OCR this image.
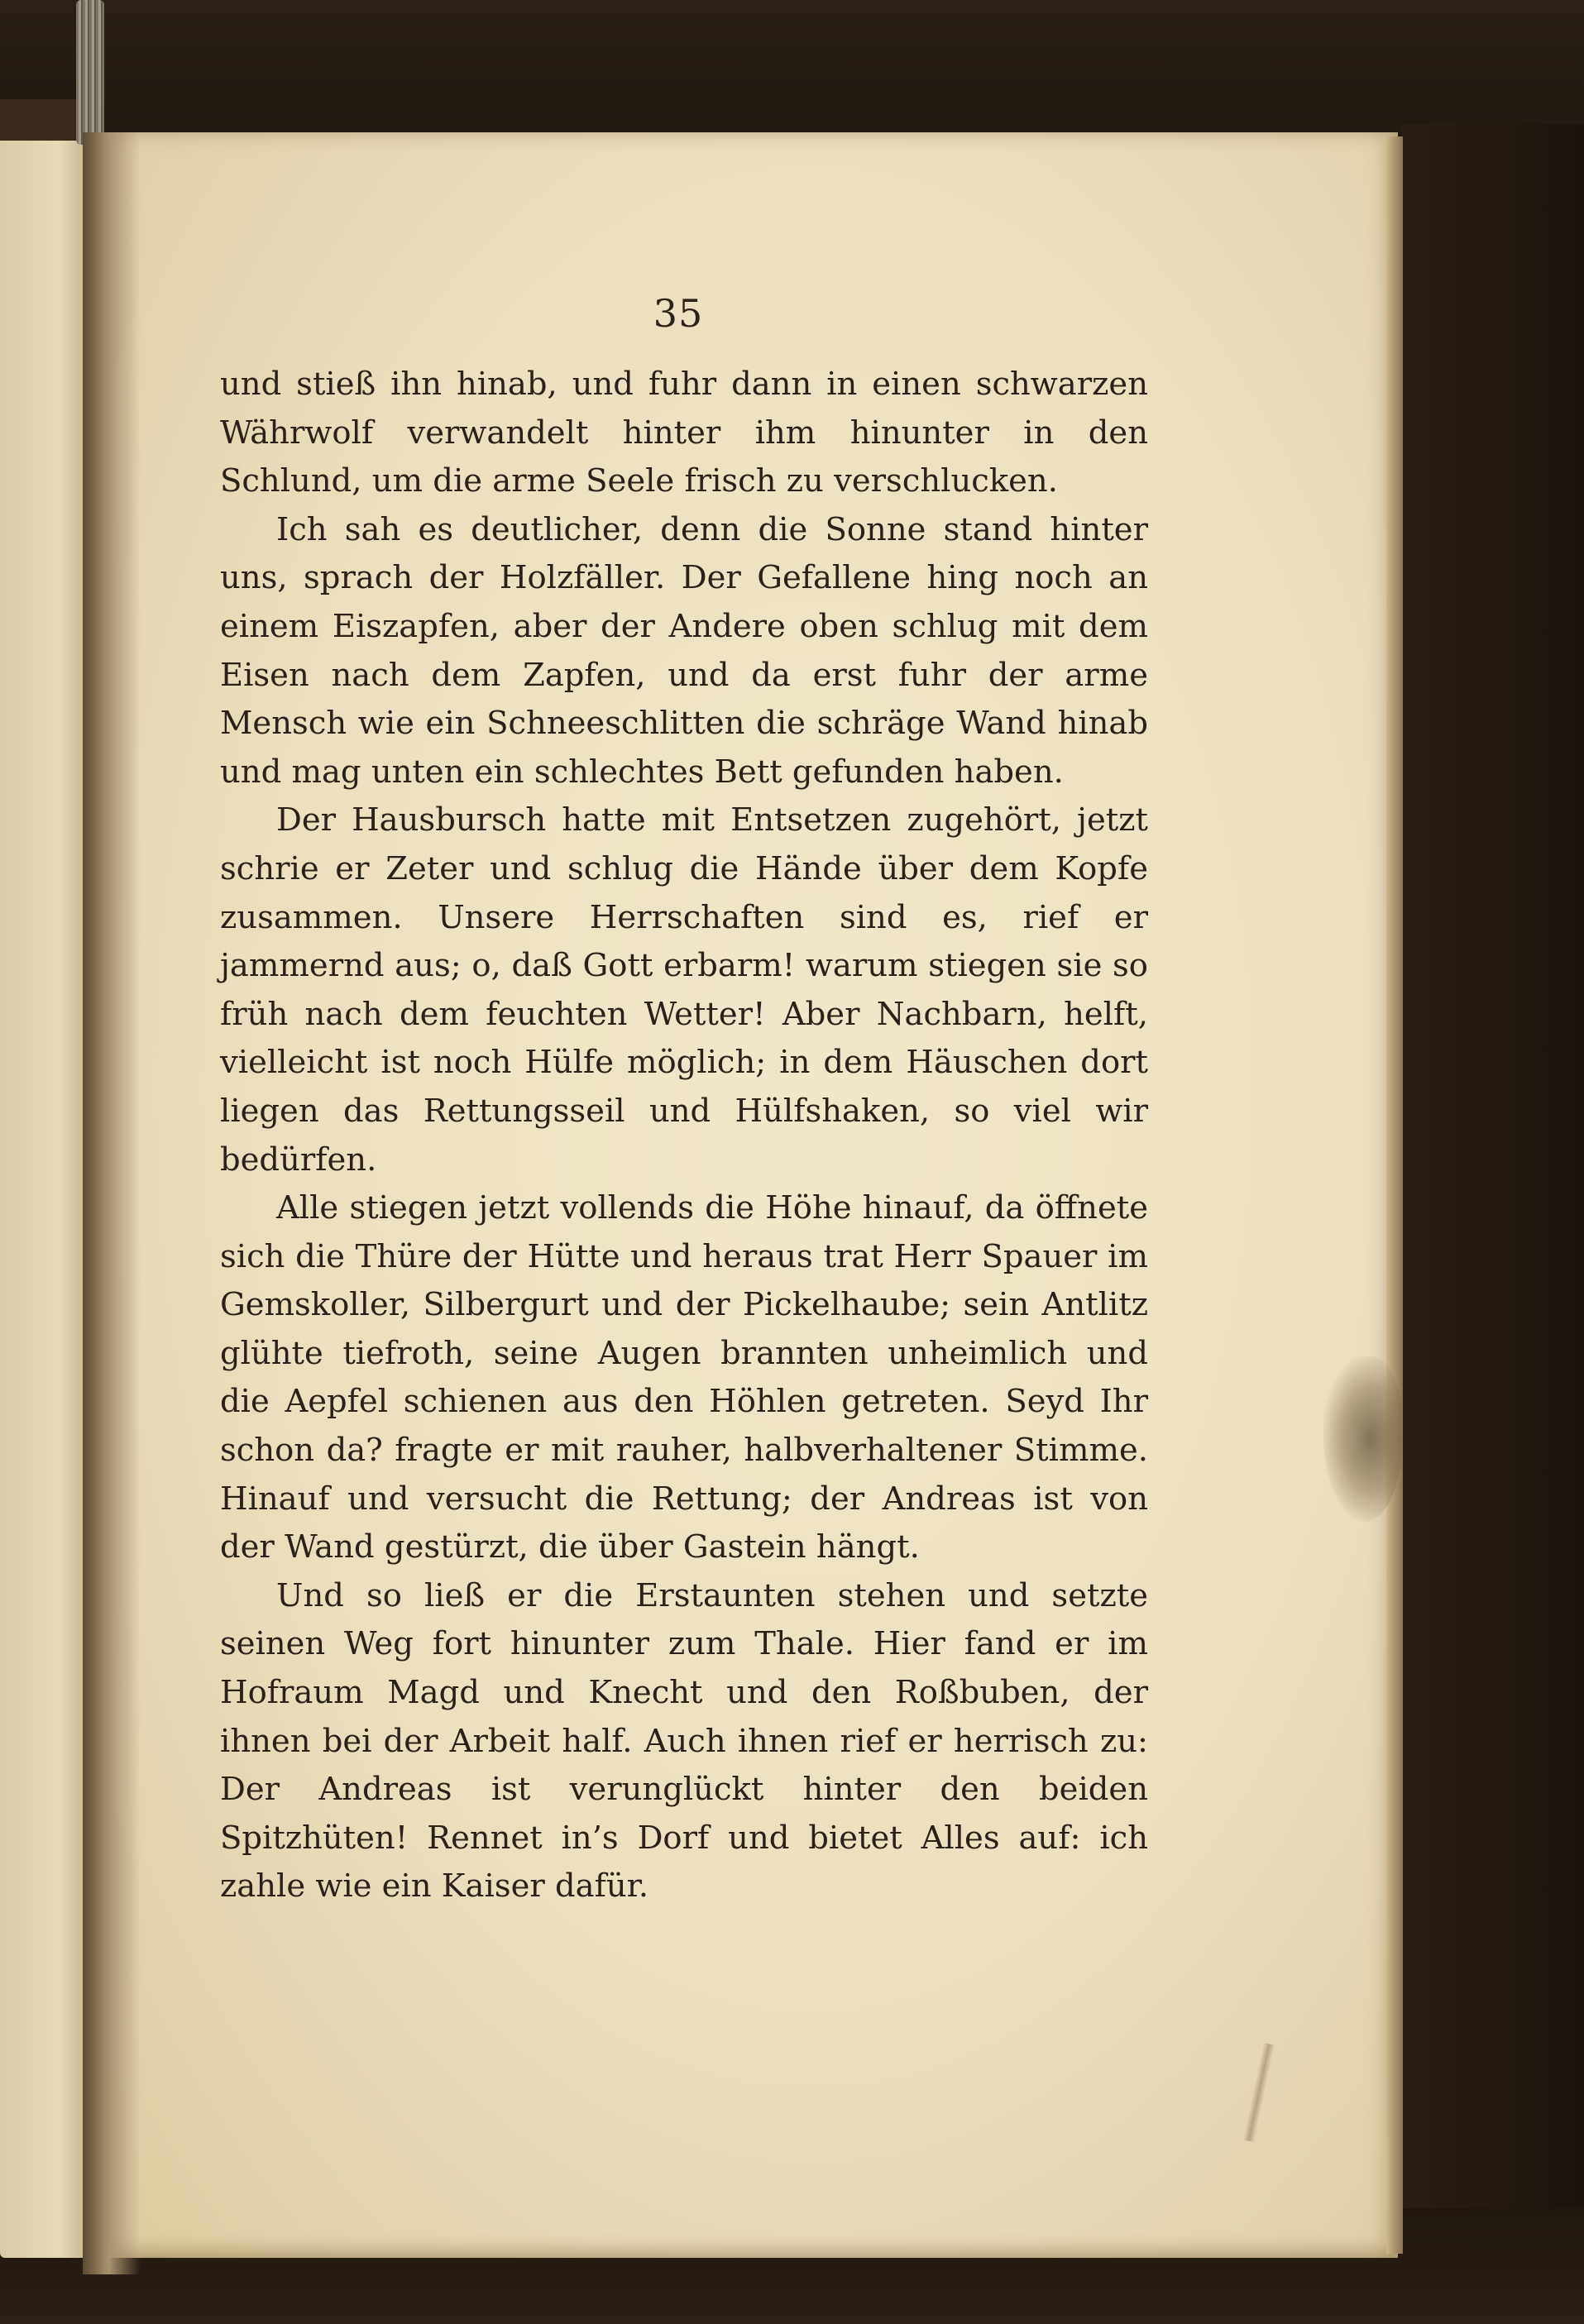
35

und stieß ihn hinab, und fuhr dann in einen schwarzen Währwolf verwandelt hinter ihm hinunter in den Schlund, um die arme Seele frisch zu verschlucken.

Ich sah es deutlicher, denn die Sonne stand hinter uns, sprach der Holzfäller. Der Gefallene hing noch an einem Eiszapfen, aber der Andere oben schlug mit dem Eisen nach dem Zapfen, und da erst fuhr der arme Mensch wie ein Schneeschlitten die schräge Wand hinab und mag unten ein schlechtes Bett gefunden haben.

Der Hausbursch hatte mit Entsetzen zugehört, jetzt schrie er Zeter und schlug die Hände über dem Kopfe zusammen. Unsere Herrschaften sind es, rief er jammernd aus; o, daß Gott erbarm! warum stiegen sie so früh nach dem feuchten Wetter! Aber Nachbarn, helft, vielleicht ist noch Hülfe möglich; in dem Häuschen dort liegen das Rettungsseil und Hülfshaken, so viel wir bedürfen.

Alle stiegen jetzt vollends die Höhe hinauf, da öffnete sich die Thüre der Hütte und heraus trat Herr Spauer im Gemskoller, Silbergurt und der Pickelhaube; sein Antlitz glühte tiefroth, seine Augen brannten unheimlich und die Aepfel schienen aus den Höhlen getreten. Seyd Ihr schon da? fragte er mit rauher, halbverhaltener Stimme. Hinauf und versucht die Rettung; der Andreas ist von der Wand gestürzt, die über Gastein hängt.

Und so ließ er die Erstaunten stehen und setzte seinen Weg fort hinunter zum Thale. Hier fand er im Hofraum Magd und Knecht und den Roßbuben, der ihnen bei der Arbeit half. Auch ihnen rief er herrisch zu: Der Andreas ist verunglückt hinter den beiden Spitzhüten! Rennet in’s Dorf und bietet Alles auf: ich zahle wie ein Kaiser dafür.
